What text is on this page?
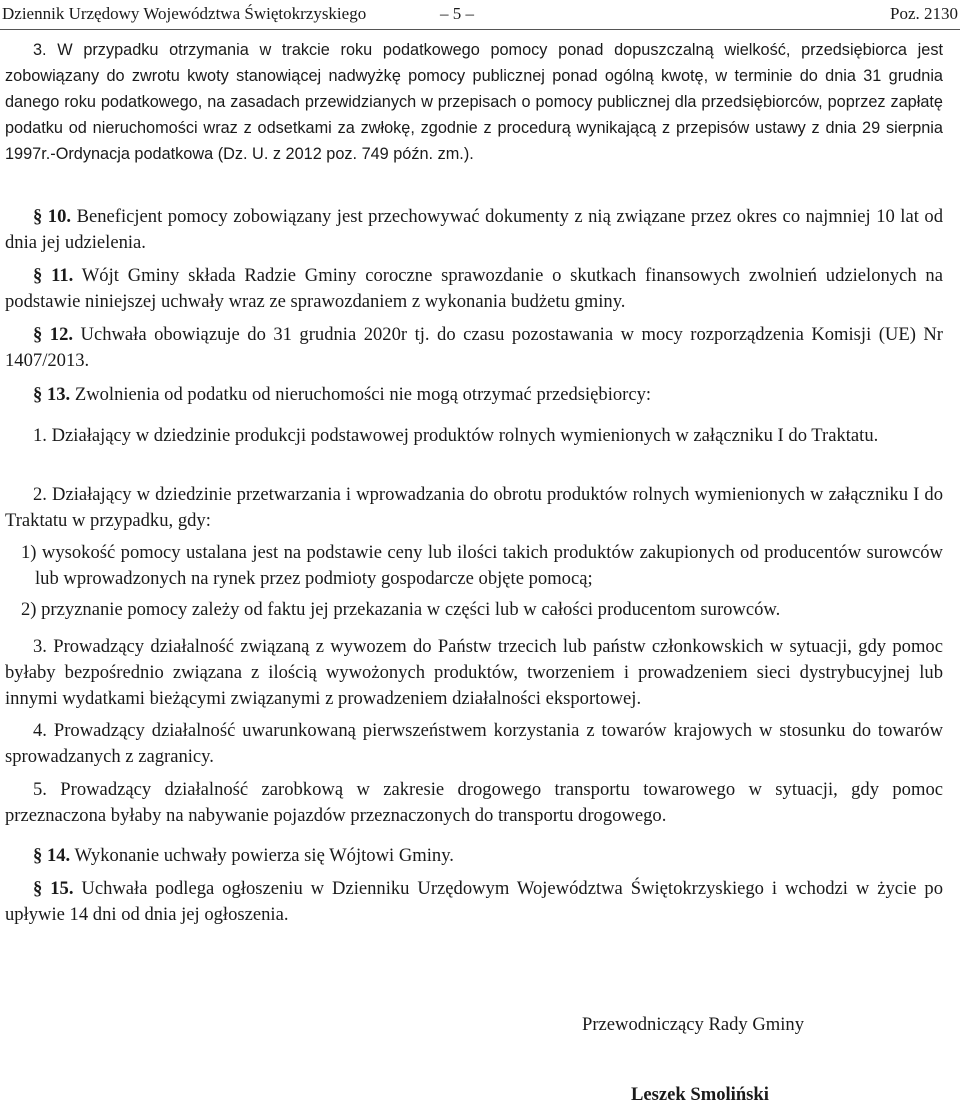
Dziennik Urzędowy Województwa Świętokrzyskiego	– 5 –	Poz. 2130

3. W przypadku otrzymania w trakcie roku podatkowego pomocy ponad dopuszczalną wielkość, przedsiębiorca jest zobowiązany do zwrotu kwoty stanowiącej nadwyżkę pomocy publicznej ponad ogólną kwotę, w terminie do dnia 31 grudnia danego roku podatkowego, na zasadach przewidzianych w przepisach o pomocy publicznej dla przedsiębiorców, poprzez zapłatę podatku od nieruchomości wraz z odsetkami za zwłokę, zgodnie z procedurą wynikającą z przepisów ustawy z dnia 29 sierpnia 1997r.-Ordynacja podatkowa (Dz. U. z 2012 poz. 749 późn. zm.).

§ 10. Beneficjent pomocy zobowiązany jest przechowywać dokumenty z nią związane przez okres co najmniej 10 lat od dnia jej udzielenia.

§ 11. Wójt Gminy składa Radzie Gminy coroczne sprawozdanie o skutkach finansowych zwolnień udzielonych na podstawie niniejszej uchwały wraz ze sprawozdaniem z wykonania budżetu gminy.

§ 12. Uchwała obowiązuje do 31 grudnia 2020r tj. do czasu pozostawania w mocy rozporządzenia Komisji (UE) Nr 1407/2013.

§ 13. Zwolnienia od podatku od nieruchomości nie mogą otrzymać przedsiębiorcy:

1. Działający w dziedzinie produkcji podstawowej produktów rolnych wymienionych w załączniku I do Traktatu.

2. Działający w dziedzinie przetwarzania i wprowadzania do obrotu produktów rolnych wymienionych w załączniku I do Traktatu w przypadku, gdy:

1) wysokość pomocy ustalana jest na podstawie ceny lub ilości takich produktów zakupionych od producentów surowców lub wprowadzonych na rynek przez podmioty gospodarcze objęte pomocą;

2) przyznanie pomocy zależy od faktu jej przekazania w części lub w całości producentom surowców.

3. Prowadzący działalność związaną z wywozem do Państw trzecich lub państw członkowskich w sytuacji, gdy pomoc byłaby bezpośrednio związana z ilością wywożonych produktów, tworzeniem i prowadzeniem sieci dystrybucyjnej lub innymi wydatkami bieżącymi związanymi z prowadzeniem działalności eksportowej.

4. Prowadzący działalność uwarunkowaną pierwszeństwem korzystania z towarów krajowych w stosunku do towarów sprowadzanych z zagranicy.

5. Prowadzący działalność zarobkową w zakresie drogowego transportu towarowego w sytuacji, gdy pomoc przeznaczona byłaby na nabywanie pojazdów przeznaczonych do transportu drogowego.

§ 14. Wykonanie uchwały powierza się Wójtowi Gminy.

§ 15. Uchwała podlega ogłoszeniu w Dzienniku Urzędowym Województwa Świętokrzyskiego i wchodzi w życie po upływie 14 dni od dnia jej ogłoszenia.

Przewodniczący Rady Gminy
Leszek Smoliński
